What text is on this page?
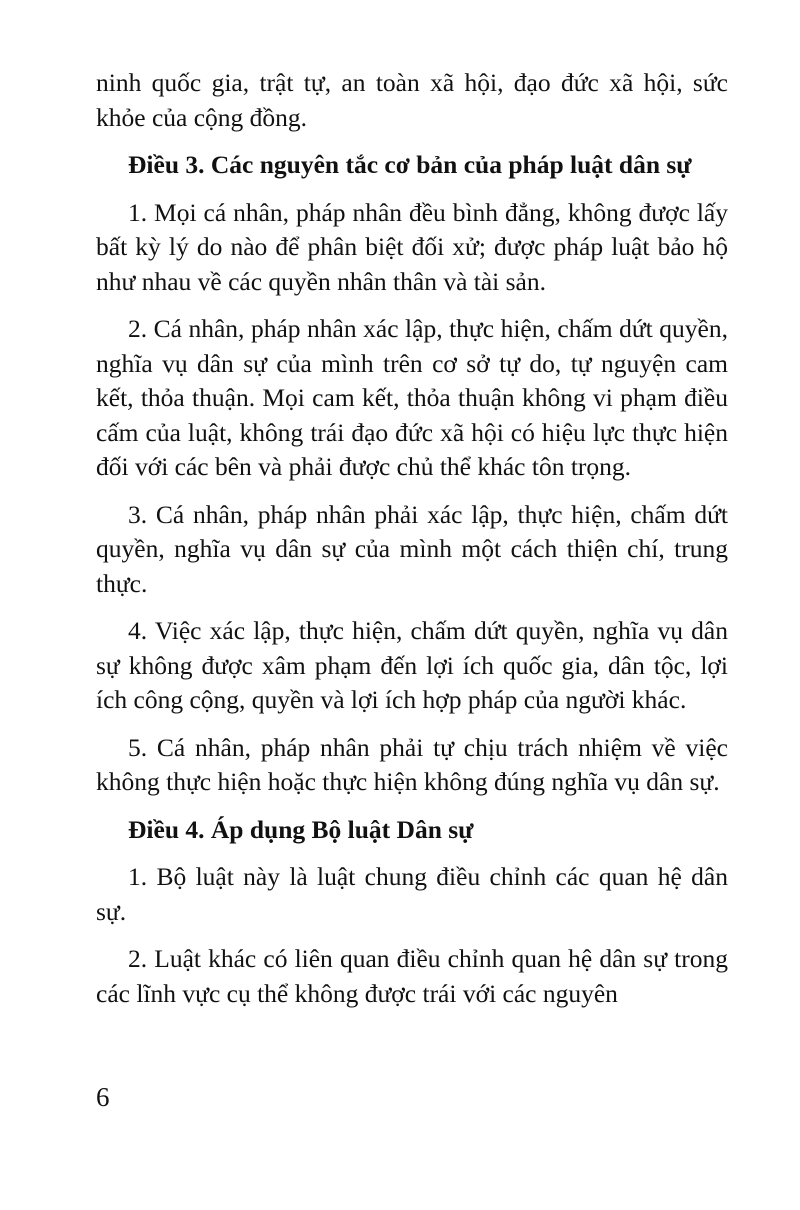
ninh quốc gia, trật tự, an toàn xã hội, đạo đức xã hội, sức khỏe của cộng đồng.

Điều 3. Các nguyên tắc cơ bản của pháp luật dân sự

1. Mọi cá nhân, pháp nhân đều bình đẳng, không được lấy bất kỳ lý do nào để phân biệt đối xử; được pháp luật bảo hộ như nhau về các quyền nhân thân và tài sản.

2. Cá nhân, pháp nhân xác lập, thực hiện, chấm dứt quyền, nghĩa vụ dân sự của mình trên cơ sở tự do, tự nguyện cam kết, thỏa thuận. Mọi cam kết, thỏa thuận không vi phạm điều cấm của luật, không trái đạo đức xã hội có hiệu lực thực hiện đối với các bên và phải được chủ thể khác tôn trọng.

3. Cá nhân, pháp nhân phải xác lập, thực hiện, chấm dứt quyền, nghĩa vụ dân sự của mình một cách thiện chí, trung thực.

4. Việc xác lập, thực hiện, chấm dứt quyền, nghĩa vụ dân sự không được xâm phạm đến lợi ích quốc gia, dân tộc, lợi ích công cộng, quyền và lợi ích hợp pháp của người khác.

5. Cá nhân, pháp nhân phải tự chịu trách nhiệm về việc không thực hiện hoặc thực hiện không đúng nghĩa vụ dân sự.

Điều 4. Áp dụng Bộ luật Dân sự

1. Bộ luật này là luật chung điều chỉnh các quan hệ dân sự.

2. Luật khác có liên quan điều chỉnh quan hệ dân sự trong các lĩnh vực cụ thể không được trái với các nguyên

6
